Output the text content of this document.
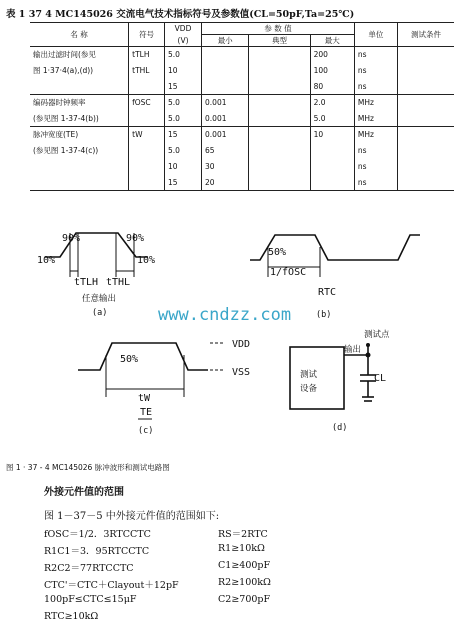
表 1 37 4 MC145026 交流电气技术指标符号及参数值(CL=50pF,Ta=25℃)
名 称	符号	VDD	参 数 值			单位	测试条件
		(V)	最小	典型	最大		
输出过滤时间(参见	tTLH	5.0			200	ns	
图 1·37·4(a),(d))	tTHL	10			100	ns	
		15			80	ns	
编码器时钟频率	fOSC	5.0	0.001		2.0	MHz	
(参见图 1-37-4(b))		5.0	0.001		5.0	MHz	
脉冲宽度(TE)	tW	15	0.001		10	MHz	
(参见图 1-37-4(c))		5.0	65			ns	
		10	30			ns	
		15	20			ns	
90%
10%
90%
10%
tTLH tTHL
50%
1/fOSC
RTC
50%
VDD
VSS
tW
TE
CL
任意输出
(a)	(b)
(c)
测试点
输出
测试
设备
(d)
www.cndzz.com
图 1 · 37 - 4 MC145026 脉冲波形和测试电路图
外接元件值的范围
图 1－37－5 中外接元件值的范围如下:
fOSC＝1/2．3RTCCTC
R1C1＝3．95RTCCTC
R2C2＝77RTCCTC
CTC'＝CTC＋Clayout＋12pF
100pF≤CTC≤15μF
RTC≥10kΩ
RS＝2RTC
R1≥10kΩ
C1≥400pF
R2≥100kΩ
C2≥700pF
